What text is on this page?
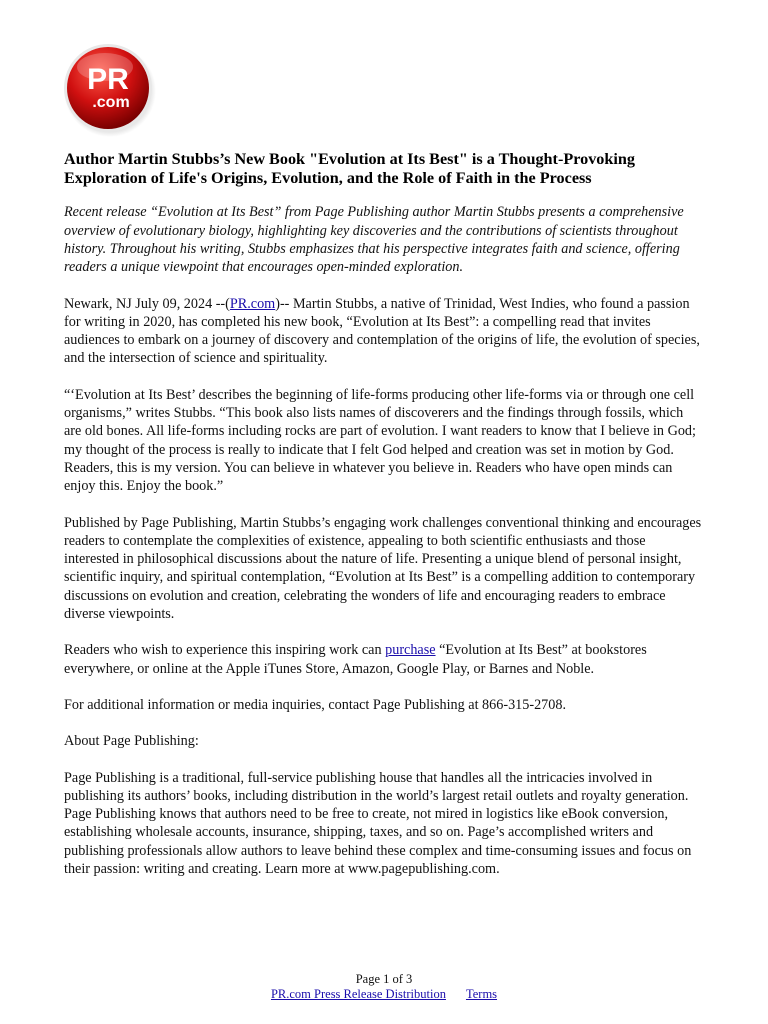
PR
.com
Author Martin Stubbs’s New Book "Evolution at Its Best" is a Thought-Provoking Exploration of Life's Origins, Evolution, and the Role of Faith in the Process

Recent release “Evolution at Its Best” from Page Publishing author Martin Stubbs presents a comprehensive overview of evolutionary biology, highlighting key discoveries and the contributions of scientists throughout history. Throughout his writing, Stubbs emphasizes that his perspective integrates faith and science, offering readers a unique viewpoint that encourages open-minded exploration.

Newark, NJ July 09, 2024 --(PR.com)-- Martin Stubbs, a native of Trinidad, West Indies, who found a passion for writing in 2020, has completed his new book, “Evolution at Its Best”: a compelling read that invites audiences to embark on a journey of discovery and contemplation of the origins of life, the evolution of species, and the intersection of science and spirituality.

“‘Evolution at Its Best’ describes the beginning of life-forms producing other life-forms via or through one cell organisms,” writes Stubbs. “This book also lists names of discoverers and the findings through fossils, which are old bones. All life-forms including rocks are part of evolution. I want readers to know that I believe in God; my thought of the process is really to indicate that I felt God helped and creation was set in motion by God. Readers, this is my version. You can believe in whatever you believe in. Readers who have open minds can enjoy this. Enjoy the book.”

Published by Page Publishing, Martin Stubbs’s engaging work challenges conventional thinking and encourages readers to contemplate the complexities of existence, appealing to both scientific enthusiasts and those interested in philosophical discussions about the nature of life. Presenting a unique blend of personal insight, scientific inquiry, and spiritual contemplation, “Evolution at Its Best” is a compelling addition to contemporary discussions on evolution and creation, celebrating the wonders of life and encouraging readers to embrace diverse viewpoints.

Readers who wish to experience this inspiring work can purchase “Evolution at Its Best” at bookstores everywhere, or online at the Apple iTunes Store, Amazon, Google Play, or Barnes and Noble.

For additional information or media inquiries, contact Page Publishing at 866-315-2708.

About Page Publishing:

Page Publishing is a traditional, full-service publishing house that handles all the intricacies involved in publishing its authors’ books, including distribution in the world’s largest retail outlets and royalty generation. Page Publishing knows that authors need to be free to create, not mired in logistics like eBook conversion, establishing wholesale accounts, insurance, shipping, taxes, and so on. Page’s accomplished writers and publishing professionals allow authors to leave behind these complex and time-consuming issues and focus on their passion: writing and creating. Learn more at www.pagepublishing.com.

Page 1 of 3
PR.com Press Release Distribution Terms
